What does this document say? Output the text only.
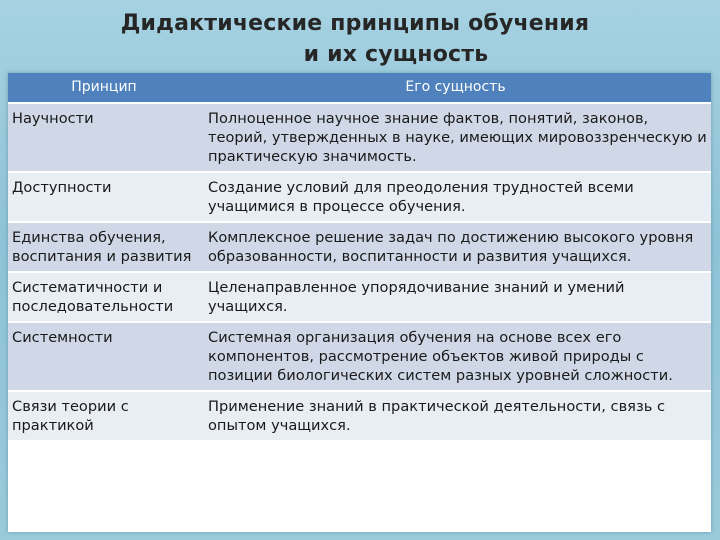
Дидактические принципы обучения
и их сущность
Принцип	Его сущность
Научности	Полноценное научное знание фактов, понятий, законов, теорий, утвержденных в науке, имеющих мировоззренческую и практическую значимость.
Доступности	Создание условий для преодоления трудностей всеми учащимися в процессе обучения.
Единства обучения, воспитания и развития	Комплексное решение задач по достижению высокого уровня образованности, воспитанности и развития учащихся.
Систематичности и последовательности	Целенаправленное упорядочивание знаний и умений учащихся.
Системности	Системная организация обучения на основе всех его компонентов, рассмотрение объектов живой природы с позиции биологических систем разных уровней сложности.
Связи теории с практикой	Применение знаний в практической деятельности, связь с опытом учащихся.
